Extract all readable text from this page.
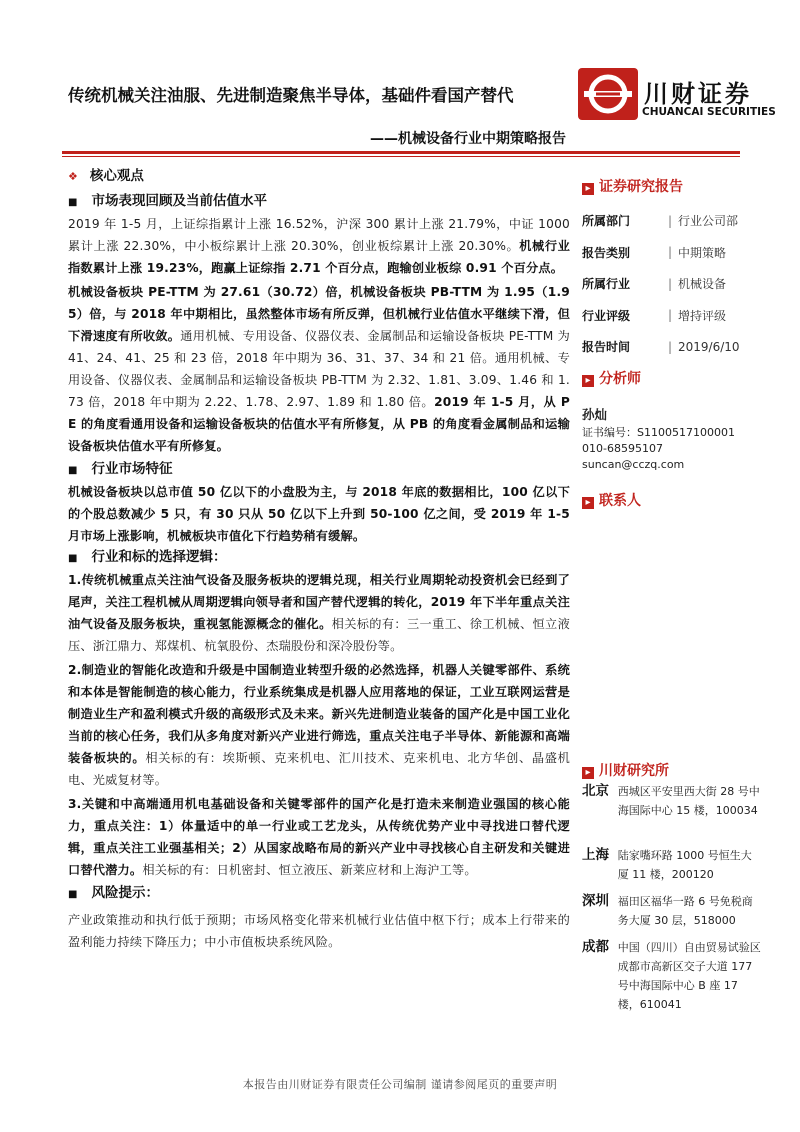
传统机械关注油服、先进制造聚焦半导体，基础件看国产替代	川财证券
CHUANCAI SECURITIES
——机械设备行业中期策略报告

❖ 核心观点

■ 市场表现回顾及当前估值水平

2019 年 1-5 月，上证综指累计上涨 16.52%，沪深 300 累计上涨 21.79%，中证 1000 累计上涨 22.30%，中小板综累计上涨 20.30%，创业板综累计上涨 20.30%。机械行业指数累计上涨 19.23%，跑赢上证综指 2.71 个百分点，跑输创业板综 0.91 个百分点。

机械设备板块 PE-TTM 为 27.61（30.72）倍，机械设备板块 PB-TTM 为 1.95（1.95）倍，与 2018 年中期相比，虽然整体市场有所反弹，但机械行业估值水平继续下滑，但下滑速度有所收敛。通用机械、专用设备、仪器仪表、金属制品和运输设备板块 PE-TTM 为 41、24、41、25 和 23 倍，2018 年中期为 36、31、37、34 和 21 倍。通用机械、专用设备、仪器仪表、金属制品和运输设备板块 PB-TTM 为 2.32、1.81、3.09、1.46 和 1.73 倍，2018 年中期为 2.22、1.78、2.97、1.89 和 1.80 倍。2019 年 1-5 月，从 PE 的角度看通用设备和运输设备板块的估值水平有所修复，从 PB 的角度看金属制品和运输设备板块估值水平有所修复。

■ 行业市场特征

机械设备板块以总市值 50 亿以下的小盘股为主，与 2018 年底的数据相比，100 亿以下的个股总数减少 5 只，有 30 只从 50 亿以下上升到 50-100 亿之间，受 2019 年 1-5 月市场上涨影响，机械板块市值化下行趋势稍有缓解。

■ 行业和标的选择逻辑：

1.传统机械重点关注油气设备及服务板块的逻辑兑现，相关行业周期轮动投资机会已经到了尾声，关注工程机械从周期逻辑向领导者和国产替代逻辑的转化，2019 年下半年重点关注油气设备及服务板块，重视氢能源概念的催化。相关标的有：三一重工、徐工机械、恒立液压、浙江鼎力、郑煤机、杭氧股份、杰瑞股份和深冷股份等。

2.制造业的智能化改造和升级是中国制造业转型升级的必然选择，机器人关键零部件、系统和本体是智能制造的核心能力，行业系统集成是机器人应用落地的保证，工业互联网运营是制造业生产和盈利模式升级的高级形式及未来。新兴先进制造业装备的国产化是中国工业化当前的核心任务，我们从多角度对新兴产业进行筛选，重点关注电子半导体、新能源和高端装备板块的。相关标的有：埃斯顿、克来机电、汇川技术、克来机电、北方华创、晶盛机电、光威复材等。

3.关键和中高端通用机电基础设备和关键零部件的国产化是打造未来制造业强国的核心能力，重点关注：1）体量适中的单一行业或工艺龙头，从传统优势产业中寻找进口替代逻辑，重点关注工业强基相关；2）从国家战略布局的新兴产业中寻找核心自主研发和关键进口替代潜力。相关标的有：日机密封、恒立液压、新莱应材和上海沪工等。

■ 风险提示：

产业政策推动和执行低于预期；市场风格变化带来机械行业估值中枢下行；成本上行带来的盈利能力持续下降压力；中小市值板块系统风险。

▸ 证券研究报告
所属部门	| 行业公司部
报告类别	| 中期策略
所属行业	| 机械设备
行业评级	| 增持评级
报告时间	| 2019/6/10
▸ 分析师
孙灿
证书编号：S1100517100001
010-68595107
suncan@cczq.com
▸ 联系人
▸ 川财研究所
北京 西城区平安里西大街 28 号中海国际中心 15 楼，100034
上海 陆家嘴环路 1000 号恒生大厦 11 楼，200120
深圳 福田区福华一路 6 号免税商务大厦 30 层，518000
成都 中国（四川）自由贸易试验区成都市高新区交子大道 177 号中海国际中心 B 座 17 楼，610041
本报告由川财证券有限责任公司编制 谨请参阅尾页的重要声明
